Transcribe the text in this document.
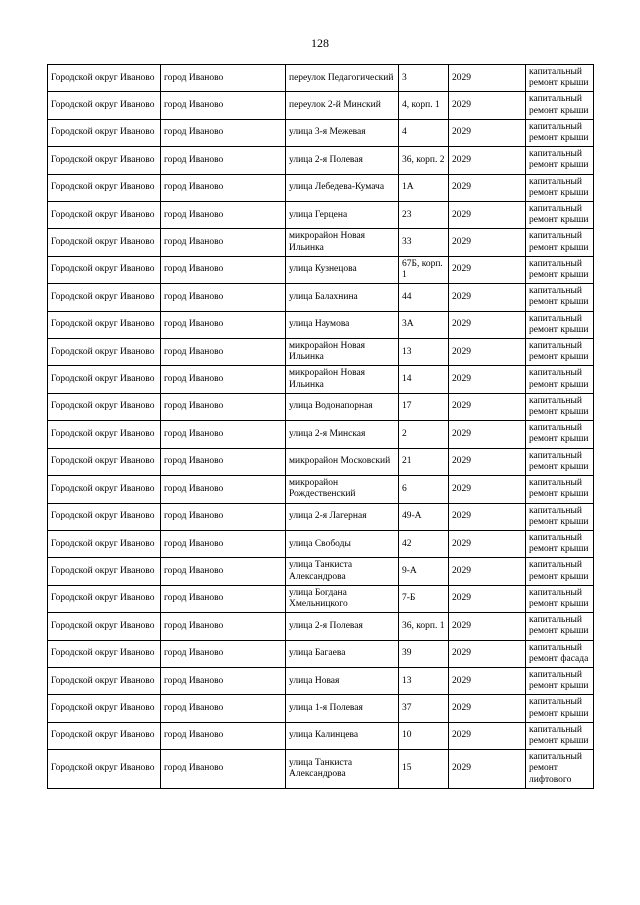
128
Городской округ Иваново	город Иваново	переулок Педагогический	3	2029	капитальный ремонт крыши
Городской округ Иваново	город Иваново	переулок 2-й Минский	4, корп. 1	2029	капитальный ремонт крыши
Городской округ Иваново	город Иваново	улица 3-я Межевая	4	2029	капитальный ремонт крыши
Городской округ Иваново	город Иваново	улица 2-я Полевая	36, корп. 2	2029	капитальный ремонт крыши
Городской округ Иваново	город Иваново	улица Лебедева-Кумача	1А	2029	капитальный ремонт крыши
Городской округ Иваново	город Иваново	улица Герцена	23	2029	капитальный ремонт крыши
Городской округ Иваново	город Иваново	микрорайон Новая Ильинка	33	2029	капитальный ремонт крыши
Городской округ Иваново	город Иваново	улица Кузнецова	67Б, корп. 1	2029	капитальный ремонт крыши
Городской округ Иваново	город Иваново	улица Балахнина	44	2029	капитальный ремонт крыши
Городской округ Иваново	город Иваново	улица Наумова	3А	2029	капитальный ремонт крыши
Городской округ Иваново	город Иваново	микрорайон Новая Ильинка	13	2029	капитальный ремонт крыши
Городской округ Иваново	город Иваново	микрорайон Новая Ильинка	14	2029	капитальный ремонт крыши
Городской округ Иваново	город Иваново	улица Водонапорная	17	2029	капитальный ремонт крыши
Городской округ Иваново	город Иваново	улица 2-я Минская	2	2029	капитальный ремонт крыши
Городской округ Иваново	город Иваново	микрорайон Московский	21	2029	капитальный ремонт крыши
Городской округ Иваново	город Иваново	микрорайон Рождественский	6	2029	капитальный ремонт крыши
Городской округ Иваново	город Иваново	улица 2-я Лагерная	49-А	2029	капитальный ремонт крыши
Городской округ Иваново	город Иваново	улица Свободы	42	2029	капитальный ремонт крыши
Городской округ Иваново	город Иваново	улица Танкиста Александрова	9-А	2029	капитальный ремонт крыши
Городской округ Иваново	город Иваново	улица Богдана Хмельницкого	7-Б	2029	капитальный ремонт крыши
Городской округ Иваново	город Иваново	улица 2-я Полевая	36, корп. 1	2029	капитальный ремонт крыши
Городской округ Иваново	город Иваново	улица Багаева	39	2029	капитальный ремонт фасада
Городской округ Иваново	город Иваново	улица Новая	13	2029	капитальный ремонт крыши
Городской округ Иваново	город Иваново	улица 1-я Полевая	37	2029	капитальный ремонт крыши
Городской округ Иваново	город Иваново	улица Калинцева	10	2029	капитальный ремонт крыши
Городской округ Иваново	город Иваново	улица Танкиста Александрова	15	2029	капитальный ремонт лифтового
